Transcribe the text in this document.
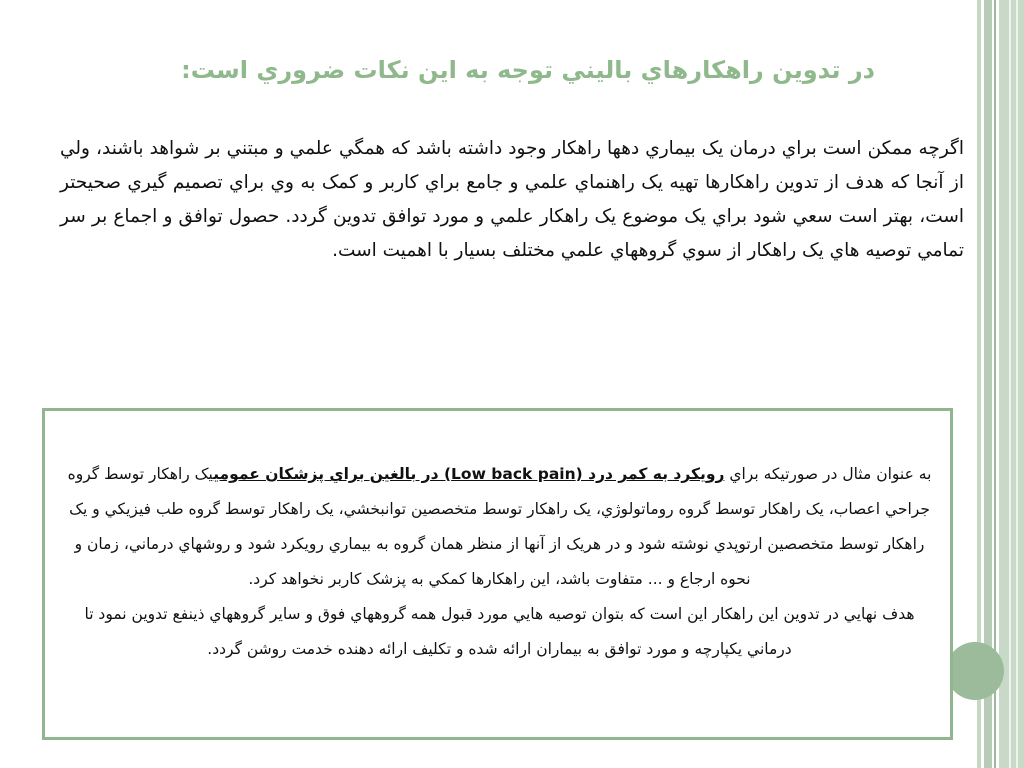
در تدوين راهكارهاي باليني توجه به اين نكات ضروري است:
اگرچه ممكن است براي درمان يک بيماري دهها راهكار وجود داشته باشد كه همگي علمي و مبتني بر شواهد باشند، ولي از آنجا كه هدف از تدوين راهكارها تهيه يک راهنماي علمي و جامع براي كاربر و كمک به وي براي تصميم گيري صحيحتر است، بهتر است سعي شود براي يک موضوع يک راهكار علمي و مورد توافق تدوين گردد. حصول توافق و اجماع بر سر تمامي توصيه هاي يک راهكار از سوي گروههاي علمي مختلف بسيار با اهميت است.

به عنوان مثال در صورتيكه براي رويكرد به كمر درد (Low back pain) در بالغين براي پزشكان عمومييک راهكار توسط گروه جراحي اعصاب، يک راهكار توسط گروه روماتولوژي، يک راهكار توسط متخصصين توانبخشي، يک راهكار توسط گروه طب فيزيكي و يک راهكار توسط متخصصين ارتوپدي نوشته شود و در هريک از آنها از منظر همان گروه به بيماري رويكرد شود و روشهاي درماني، زمان و نحوه ارجاع و ... متفاوت باشد، اين راهكارها كمكي به پزشک كاربر نخواهد كرد.

هدف نهايي در تدوين اين راهكار اين است كه بتوان توصيه هايي مورد قبول همه گروههاي فوق و ساير گروههاي ذينفع تدوين نمود تا درماني يكپارچه و مورد توافق به بيماران ارائه شده و تكليف ارائه دهنده خدمت روشن گردد.
